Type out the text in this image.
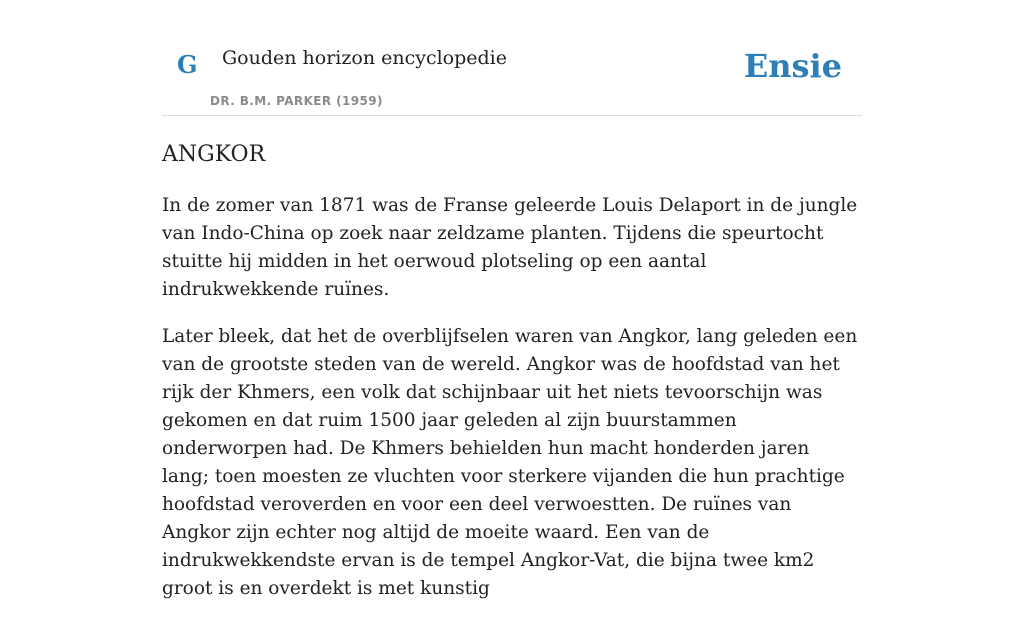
G Gouden horizon encyclopedie
DR. B.M. PARKER (1959)
Ensie
ANGKOR

In de zomer van 1871 was de Franse geleerde Louis Delaport in de jungle van Indo-China op zoek naar zeldzame planten. Tijdens die speurtocht stuitte hij midden in het oerwoud plotseling op een aantal indrukwekkende ruïnes.

Later bleek, dat het de overblijfselen waren van Angkor, lang geleden een van de grootste steden van de wereld. Angkor was de hoofdstad van het rijk der Khmers, een volk dat schijnbaar uit het niets tevoorschijn was gekomen en dat ruim 1500 jaar geleden al zijn buurstammen onderworpen had. De Khmers behielden hun macht honderden jaren lang; toen moesten ze vluchten voor sterkere vijanden die hun prachtige hoofdstad veroverden en voor een deel verwoestten. De ruïnes van Angkor zijn echter nog altijd de moeite waard. Een van de indrukwekkendste ervan is de tempel Angkor-Vat, die bijna twee km2 groot is en overdekt is met kunstig
